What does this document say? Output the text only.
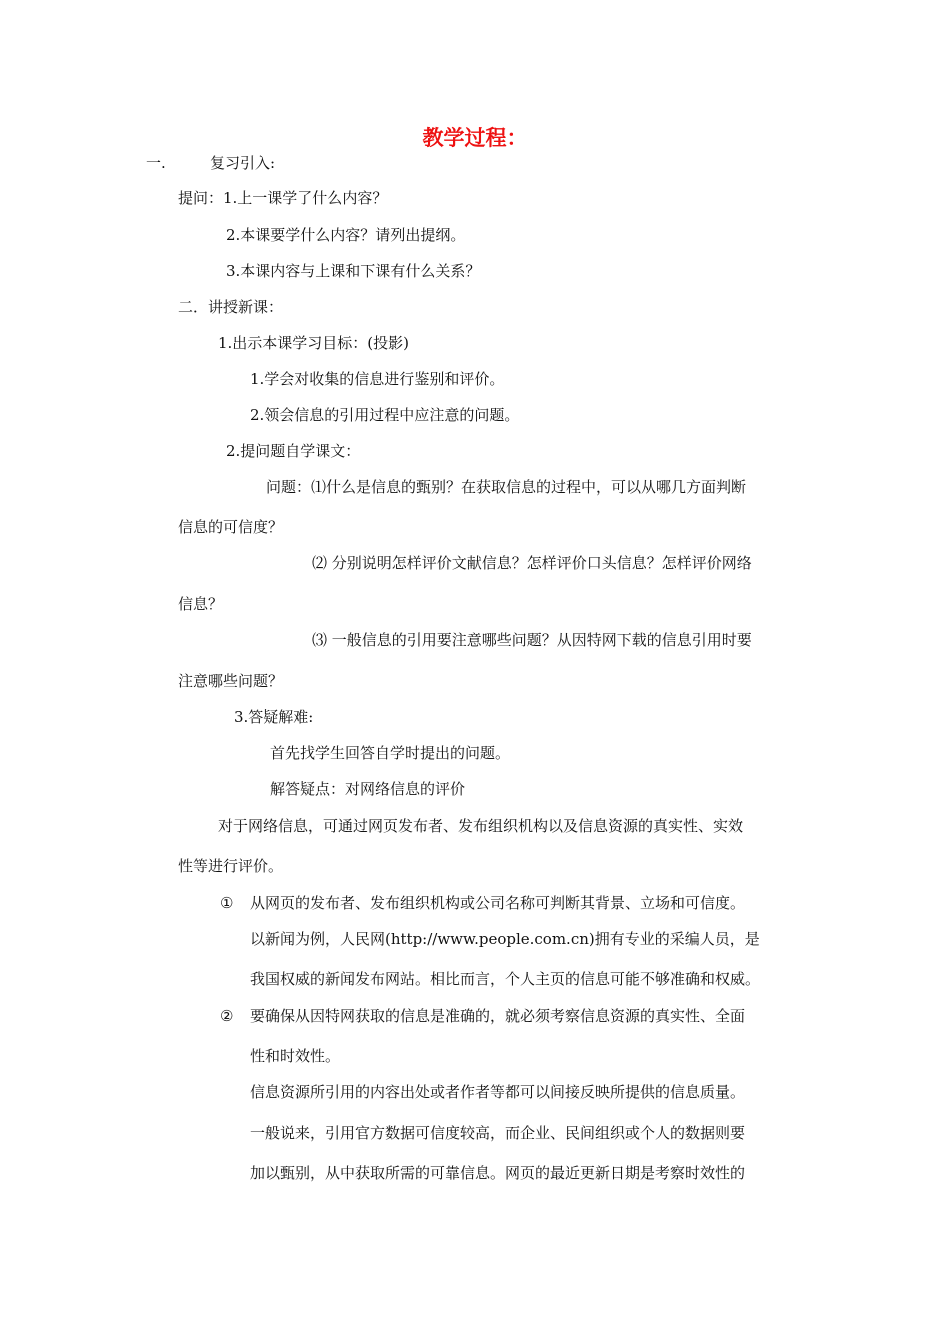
教学过程：
一.	复习引入:
提问：1.上一课学了什么内容？
2.本课要学什么内容？请列出提纲。
3.本课内容与上课和下课有什么关系？
二．讲授新课：
1.出示本课学习目标：(投影)
1.学会对收集的信息进行鉴别和评价。
2.领会信息的引用过程中应注意的问题。
2.提问题自学课文：
问题：⑴什么是信息的甄别？在获取信息的过程中，可以从哪几方面判断
信息的可信度？
⑵ 分别说明怎样评价文献信息？怎样评价口头信息？怎样评价网络
信息？
⑶ 一般信息的引用要注意哪些问题？从因特网下载的信息引用时要
注意哪些问题？
3.答疑解难:
首先找学生回答自学时提出的问题。
解答疑点：对网络信息的评价
对于网络信息，可通过网页发布者、发布组织机构以及信息资源的真实性、实效
性等进行评价。
① 从网页的发布者、发布组织机构或公司名称可判断其背景、立场和可信度。
以新闻为例，人民网(http://www.people.com.cn)拥有专业的采编人员，是
我国权威的新闻发布网站。相比而言，个人主页的信息可能不够准确和权威。
② 要确保从因特网获取的信息是准确的，就必须考察信息资源的真实性、全面
性和时效性。
信息资源所引用的内容出处或者作者等都可以间接反映所提供的信息质量。
一般说来，引用官方数据可信度较高，而企业、民间组织或个人的数据则要
加以甄别，从中获取所需的可靠信息。网页的最近更新日期是考察时效性的
